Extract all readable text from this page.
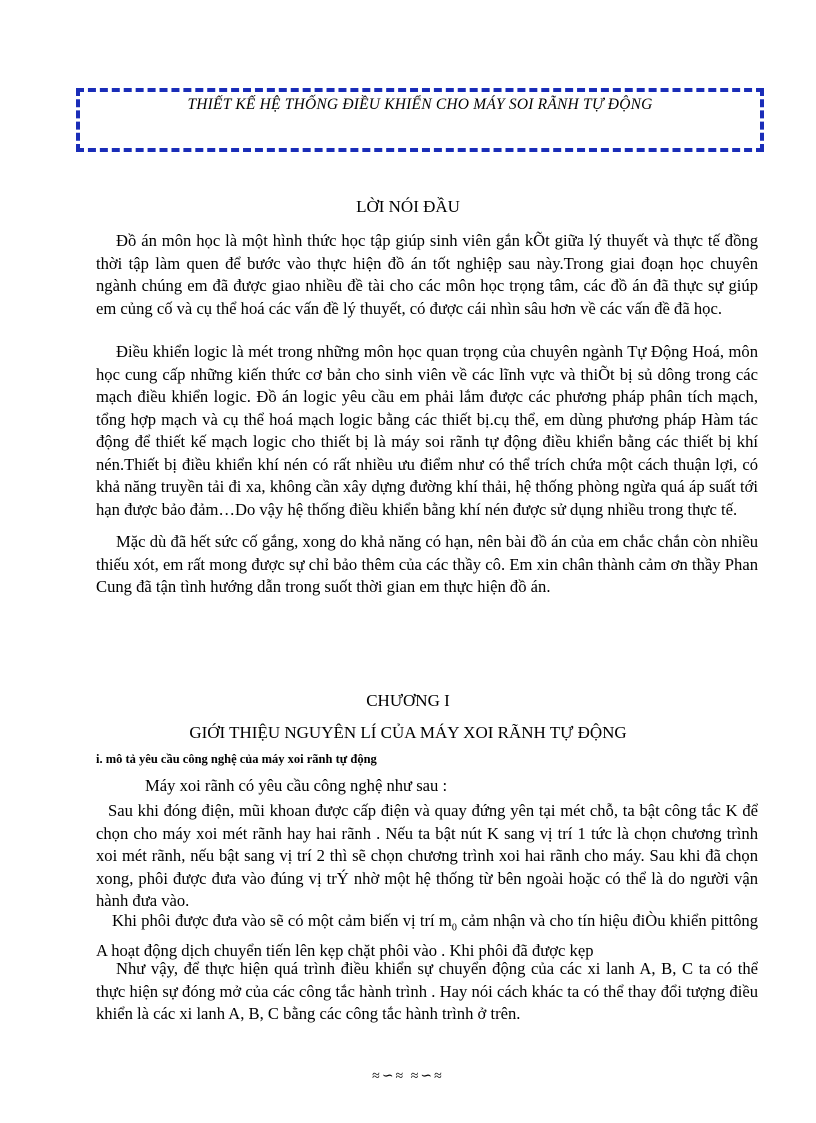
THIẾT KẾ HỆ THỐNG ĐIỀU KHIỂN CHO MÁY SOI RÃNH TỰ ĐỘNG
LỜI NÓI ĐẦU

Đồ án môn học là một hình thức học tập giúp sinh viên gắn kÕt giữa lý thuyết và thực tế đồng thời tập làm quen để bước vào thực hiện đồ án tốt nghiệp sau này.Trong giai đoạn học chuyên ngành chúng em đã được giao nhiều đề tài cho các môn học trọng tâm, các đồ án đã thực sự giúp em củng cố và cụ thể hoá các vấn đề lý thuyết, có được cái nhìn sâu hơn về các vấn đề đã học.

Điều khiển logic là mét trong những môn học quan trọng của chuyên ngành Tự Động Hoá, môn học cung cấp những kiến thức cơ bản cho sinh viên về các lĩnh vực và thiÕt bị sủ dông trong các mạch điều khiển logic. Đồ án logic yêu cầu em phải lắm được các phương pháp phân tích mạch, tổng hợp mạch và cụ thể hoá mạch logic bằng các thiết bị.cụ thể, em dùng phương pháp Hàm tác động để thiết kế mạch logic cho thiết bị là máy soi rãnh tự động điều khiển bằng các thiết bị khí nén.Thiết bị điều khiển khí nén có rất nhiều ưu điểm như có thể trích chứa một cách thuận lợi, có khả năng truyền tải đi xa, không cần xây dựng đường khí thải, hệ thống phòng ngừa quá áp suất tới hạn được bảo đảm…Do vậy hệ thống điều khiển bằng khí nén được sử dụng nhiều trong thực tế.

Mặc dù đã hết sức cố gắng, xong do khả năng có hạn, nên bài đồ án của em chắc chắn còn nhiều thiếu xót, em rất mong được sự chỉ bảo thêm của các thầy cô. Em xin chân thành cảm ơn thầy Phan Cung đã tận tình hướng dẫn trong suốt thời gian em thực hiện đồ án.

CHƯƠNG I
GIỚI THIỆU NGUYÊN LÍ CỦA MÁY XOI RÃNH TỰ ĐỘNG
i. mô tả yêu cầu công nghệ của máy xoi rãnh tự động

Máy xoi rãnh có yêu cầu công nghệ như sau :

Sau khi đóng điện, mũi khoan được cấp điện và quay đứng yên tại mét chỗ, ta bật công tắc K để chọn cho máy xoi mét rãnh hay hai rãnh . Nếu ta bật nút K sang vị trí 1 tức là chọn chương trình xoi mét rãnh, nếu bật sang vị trí 2 thì sẽ chọn chương trình xoi hai rãnh cho máy. Sau khi đã chọn xong, phôi được đưa vào đúng vị trÝ nhờ một hệ thống từ bên ngoài hoặc có thể là do người vận hành đưa vào.

Khi phôi được đưa vào sẽ có một cảm biến vị trí $m_0$ cảm nhận và cho tín hiệu điÒu khiển pittông A hoạt động dịch chuyển tiến lên kẹp chặt phôi vào . Khi phôi đã được kẹp

Như vậy, để thực hiện quá trình điều khiển sự chuyển động của các xi lanh A, B, C ta có thể thực hiện sự đóng mở của các công tắc hành trình . Hay nói cách khác ta có thể thay đổi tượng điều khiển là các xi lanh A, B, C bằng các công tắc hành trình ở trên.

≈∽≈ ≈∽≈
